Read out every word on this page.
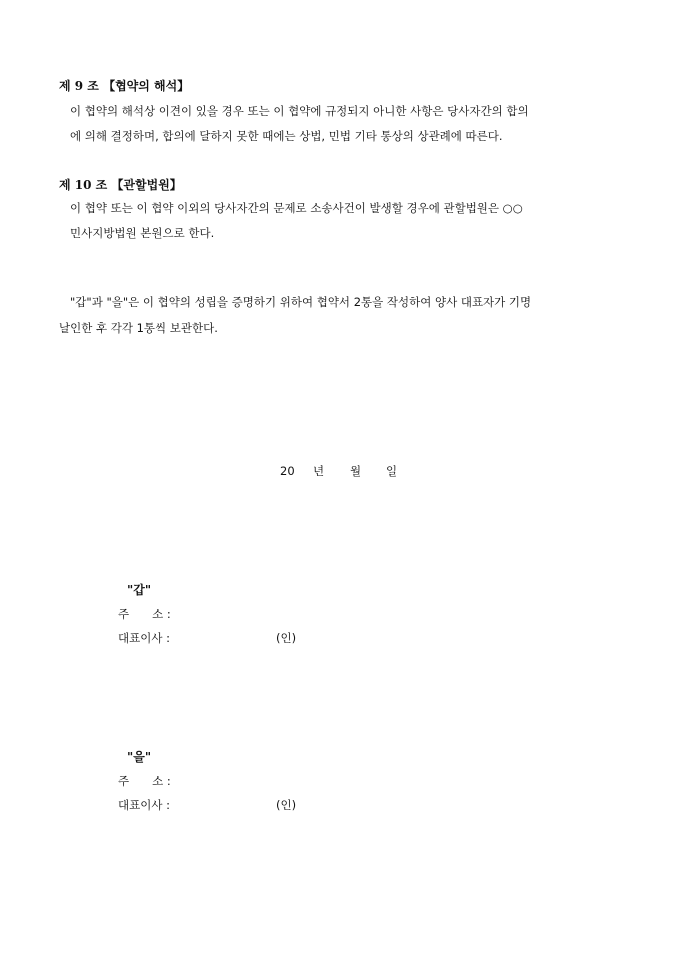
제 9 조 【협약의 해석】
이 협약의 해석상 이견이 있을 경우 또는 이 협약에 규정되지 아니한 사항은 당사자간의 합의
에 의해 결정하며, 합의에 달하지 못한 때에는 상법, 민법 기타 통상의 상관례에 따른다.
제 10 조 【관할법원】
이 협약 또는 이 협약 이외의 당사자간의 문제로 소송사건이 발생할 경우에 관할법원은 ○○
민사지방법원 본원으로 한다.
"갑"과 "을"은 이 협약의 성립을 증명하기 위하여 협약서 2통을 작성하여 양사 대표자가 기명
날인한 후 각각 1통씩 보관한다.
20 년 월 일
"갑"
주　　소 :
대표이사 :	(인)
"을"
주　　소 :
대표이사 :	(인)
